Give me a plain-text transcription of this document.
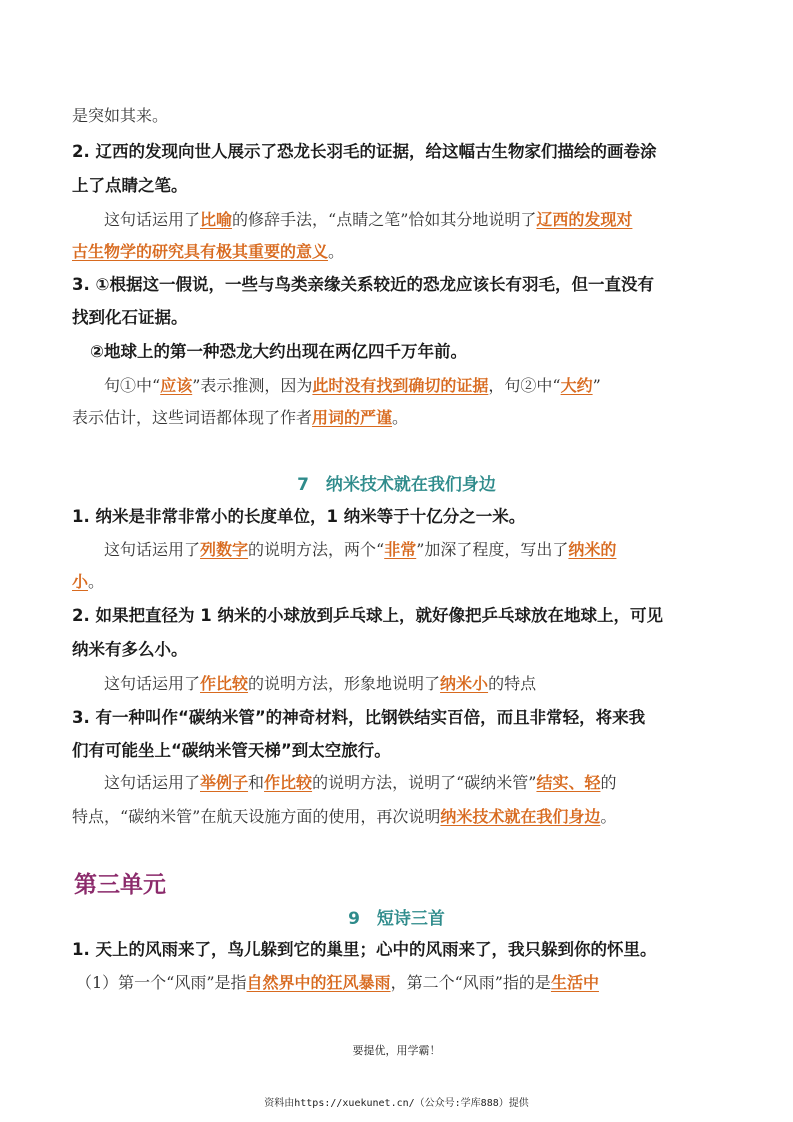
是突如其来。
2. 辽西的发现向世人展示了恐龙长羽毛的证据，给这幅古生物家们描绘的画卷涂
上了点睛之笔。
这句话运用了比喻的修辞手法，“点睛之笔”恰如其分地说明了辽西的发现对
古生物学的研究具有极其重要的意义。
3. ①根据这一假说，一些与鸟类亲缘关系较近的恐龙应该长有羽毛，但一直没有
找到化石证据。
②地球上的第一种恐龙大约出现在两亿四千万年前。
句①中“应该”表示推测，因为此时没有找到确切的证据，句②中“大约”
表示估计，这些词语都体现了作者用词的严谨。
7　纳米技术就在我们身边
1. 纳米是非常非常小的长度单位，1 纳米等于十亿分之一米。
这句话运用了列数字的说明方法，两个“非常”加深了程度，写出了纳米的
小。
2. 如果把直径为 1 纳米的小球放到乒乓球上，就好像把乒乓球放在地球上，可见
纳米有多么小。
这句话运用了作比较的说明方法，形象地说明了纳米小的特点
3. 有一种叫作“碳纳米管”的神奇材料，比钢铁结实百倍，而且非常轻，将来我
们有可能坐上“碳纳米管天梯”到太空旅行。
这句话运用了举例子和作比较的说明方法，说明了“碳纳米管”结实、轻的
特点，“碳纳米管”在航天设施方面的使用，再次说明纳米技术就在我们身边。
第三单元
9　短诗三首
1. 天上的风雨来了，鸟儿躲到它的巢里；心中的风雨来了，我只躲到你的怀里。
（1）第一个“风雨”是指自然界中的狂风暴雨，第二个“风雨”指的是生活中
要提优，用学霸！
资料由https://xuekunet.cn/（公众号:学库888）提供
